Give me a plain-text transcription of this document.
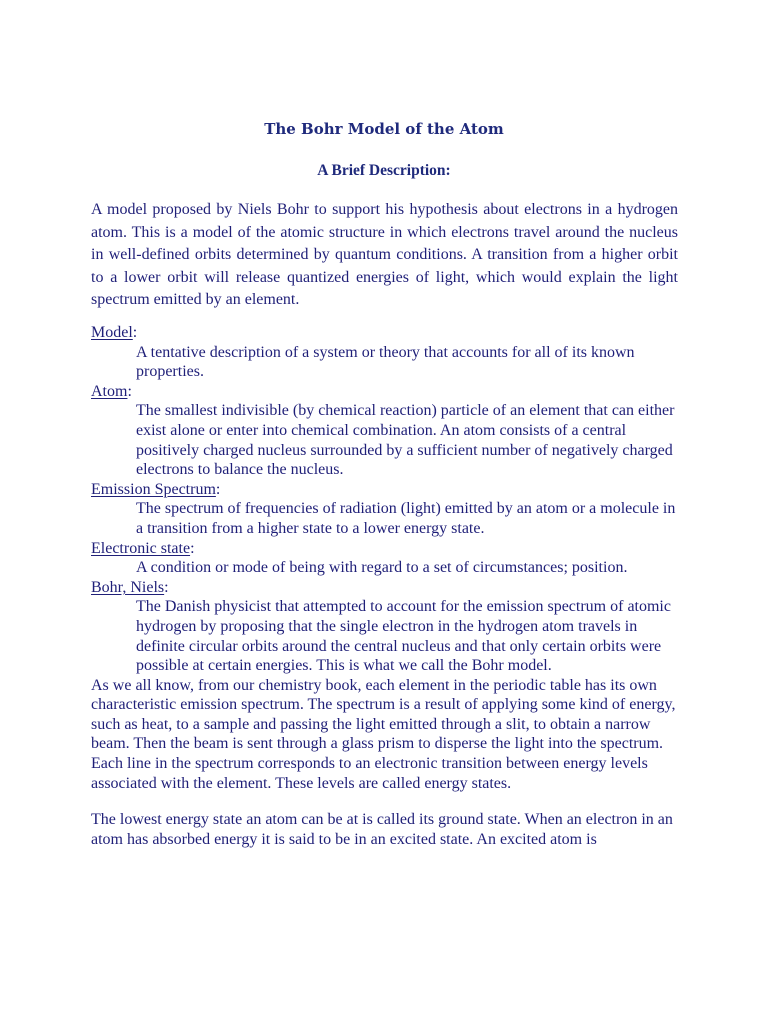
The Bohr Model of the Atom
A Brief Description:

A model proposed by Niels Bohr to support his hypothesis about electrons in a hydrogen atom. This is a model of the atomic structure in which electrons travel around the nucleus in well-defined orbits determined by quantum conditions. A transition from a higher orbit to a lower orbit will release quantized energies of light, which would explain the light spectrum emitted by an element.

Model:
A tentative description of a system or theory that accounts for all of its known properties.
Atom:
The smallest indivisible (by chemical reaction) particle of an element that can either exist alone or enter into chemical combination. An atom consists of a central positively charged nucleus surrounded by a sufficient number of negatively charged electrons to balance the nucleus.
Emission Spectrum:
The spectrum of frequencies of radiation (light) emitted by an atom or a molecule in a transition from a higher state to a lower energy state.
Electronic state:
A condition or mode of being with regard to a set of circumstances; position.
Bohr, Niels:
The Danish physicist that attempted to account for the emission spectrum of atomic hydrogen by proposing that the single electron in the hydrogen atom travels in definite circular orbits around the central nucleus and that only certain orbits were possible at certain energies. This is what we call the Bohr model.
As we all know, from our chemistry book, each element in the periodic table has its own characteristic emission spectrum. The spectrum is a result of applying some kind of energy, such as heat, to a sample and passing the light emitted through a slit, to obtain a narrow beam. Then the beam is sent through a glass prism to disperse the light into the spectrum. Each line in the spectrum corresponds to an electronic transition between energy levels associated with the element. These levels are called energy states.
The lowest energy state an atom can be at is called its ground state. When an electron in an atom has absorbed energy it is said to be in an excited state. An excited atom is
